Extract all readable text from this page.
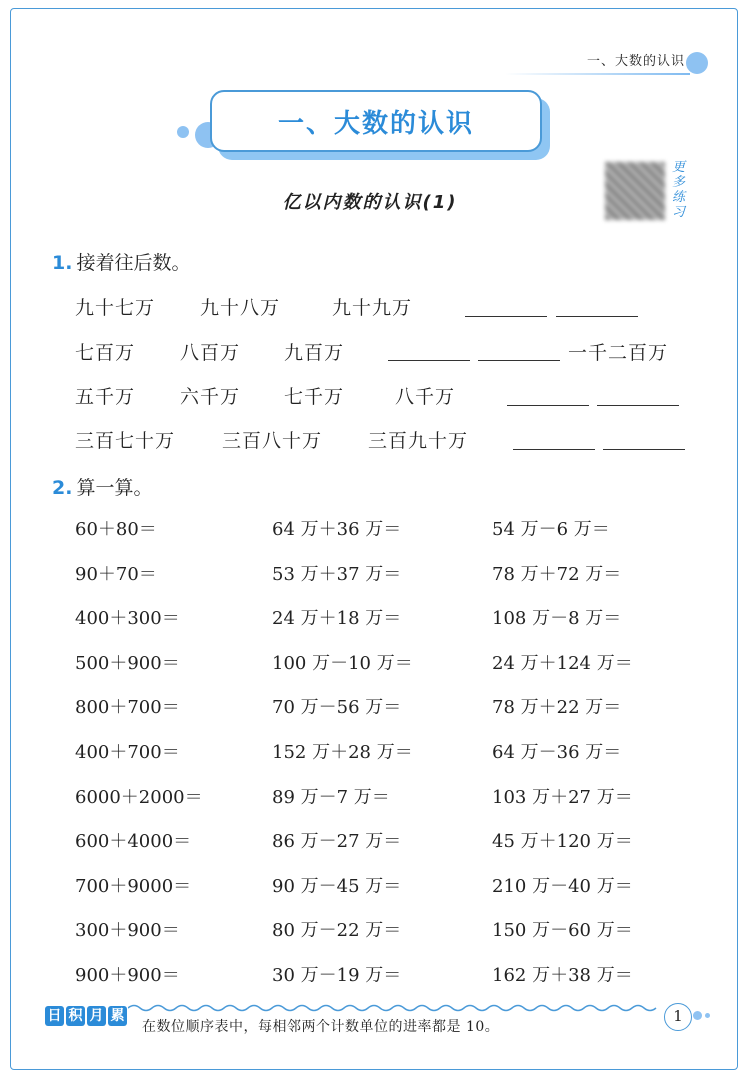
一、大数的认识
一、大数的认识
亿以内数的认识(1)
更多练习
1. 接着往后数。
九十七万 九十八万	九十九万
七百万 八百万 九百万	一千二百万
五千万 六千万 七千万	八千万
三百七十万 三百八十万 三百九十万
2. 算一算。
60＋80＝	64 万＋36 万＝	54 万－6 万＝
90＋70＝	53 万＋37 万＝	78 万＋72 万＝
400＋300＝	24 万＋18 万＝	108 万－8 万＝
500＋900＝	100 万－10 万＝	24 万＋124 万＝
800＋700＝	70 万－56 万＝	78 万＋22 万＝
400＋700＝	152 万＋28 万＝	64 万－36 万＝
6000＋2000＝	89 万－7 万＝	103 万＋27 万＝
600＋4000＝	86 万－27 万＝	45 万＋120 万＝
700＋9000＝	90 万－45 万＝	210 万－40 万＝
300＋900＝	80 万－22 万＝	150 万－60 万＝
900＋900＝	30 万－19 万＝	162 万＋38 万＝
日 积 月 累
在数位顺序表中，每相邻两个计数单位的进率都是 10。
1
